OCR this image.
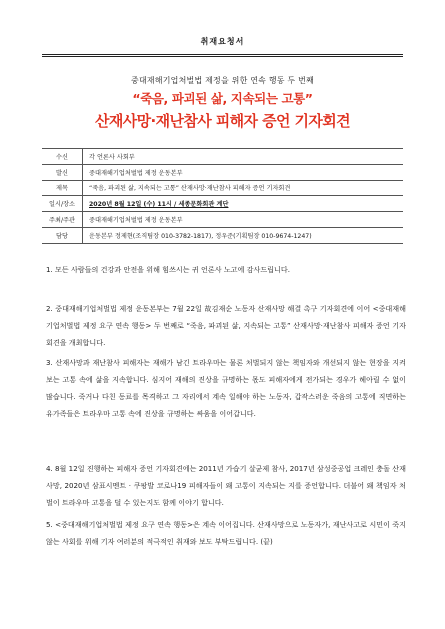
취재요청서
중대재해기업처벌법 제정을 위한 연속 행동 두 번째
“죽음, 파괴된 삶, 지속되는 고통”
산재사망·재난참사 피해자 증언 기자회견
수신	각 언론사 사회부
발신	중대재해기업처벌법 제정 운동본부
제목	“죽음, 파괴된 삶, 지속되는 고통” 산재사망·재난참사 피해자 증언 기자회견
일시/장소	2020년 8월 12일 (수) 11시 / 세종문화회관 계단
주최/주관	중대재해기업처벌법 제정 운동본부
담당	운동본부 정제현(조직팀장 010-3782-1817), 정우준(기획팀장 010-9674-1247)
1. 모든 사람들의 건강과 안전을 위해 힘쓰시는 귀 언론사 노고에 감사드립니다.
2. 중대재해기업처벌법 제정 운동본부는 7월 22일 故김재순 노동자 산재사망 해결 촉구 기자회견에 이어 <중대재해기업처벌법 제정 요구 연속 행동> 두 번째로 “죽음, 파괴된 삶, 지속되는 고통” 산재사망·재난참사 피해자 증언 기자회견을 개최합니다.
3. 산재사망과 재난참사 피해자는 재해가 남긴 트라우마는 물론 처벌되지 않는 책임자와 개선되지 않는 현장을 지켜보는 고통 속에 삶을 지속합니다. 심지어 재해의 진상을 규명하는 몫도 피해자에게 전가되는 경우가 헤아릴 수 없이 많습니다. 죽거나 다친 동료를 목격하고 그 자리에서 계속 일해야 하는 노동자, 갑작스러운 죽음의 고통에 직면하는 유가족들은 트라우마 고통 속에 진상을 규명하는 싸움을 이어갑니다.
4. 8월 12일 진행하는 피해자 증언 기자회견에는 2011년 가습기 살균제 참사, 2017년 삼성중공업 크레인 충돌 산재사망, 2020년 삼표시멘트 · 쿠팡발 코로나19 피해자들이 왜 고통이 지속되는 지를 증언합니다. 더불어 왜 책임자 처벌이 트라우마 고통을 덜 수 있는지도 함께 이야기 합니다.
5. <중대재해기업처벌법 제정 요구 연속 행동>은 계속 이어집니다. 산재사망으로 노동자가, 재난사고로 시민이 죽지 않는 사회를 위해 기자 여러분의 적극적인 취재와 보도 부탁드립니다. (끝)
